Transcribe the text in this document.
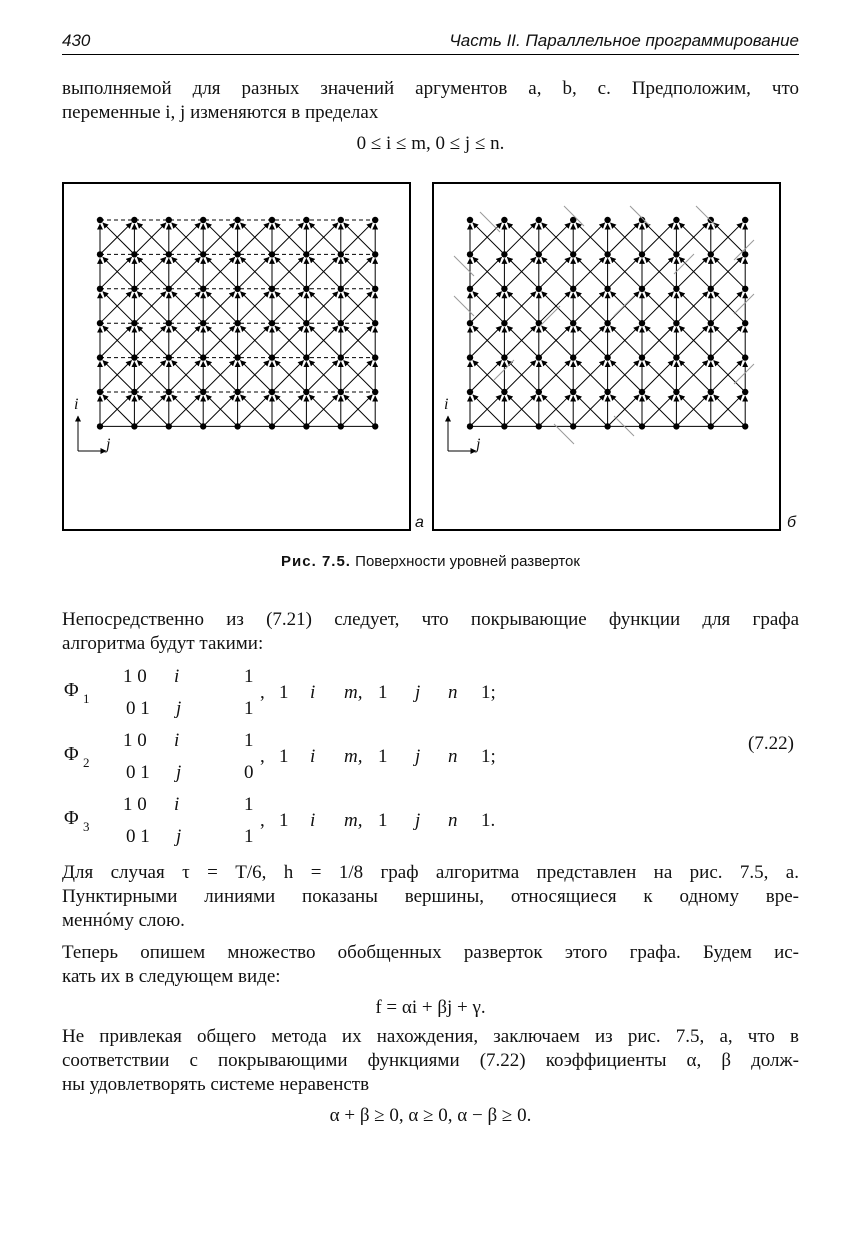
430	Часть II. Параллельное программирование
выполняемой для разных значений аргументов a, b, c. Предположим, что
переменные i, j изменяются в пределах
0 ≤ i ≤ m, 0 ≤ j ≤ n.
i
j
а
i
j
б
Рис. 7.5. Поверхности уровней разверток
Непосредственно из (7.21) следует, что покрывающие функции для графа
алгоритма будут такими:
Φ 1
1 0
0 1
i
j
1
1
, 1 i m, 1 j n 1;
Φ 2
1 0
0 1
i
j
1
0
, 1 i m, 1 j n 1;
Φ 3
1 0
0 1
i
j
1
1
, 1 i m, 1 j n 1.
(7.22)
Для случая τ = T/6, h = 1/8 граф алгоритма представлен на рис. 7.5, а.
Пунктирными линиями показаны вершины, относящиеся к одному вре-
меннóму слою.
Теперь опишем множество обобщенных разверток этого графа. Будем ис-
кать их в следующем виде:
f = αi + βj + γ.
Не привлекая общего метода их нахождения, заключаем из рис. 7.5, а, что в
соответствии с покрывающими функциями (7.22) коэффициенты α, β долж-
ны удовлетворять системе неравенств
α + β ≥ 0, α ≥ 0, α − β ≥ 0.
